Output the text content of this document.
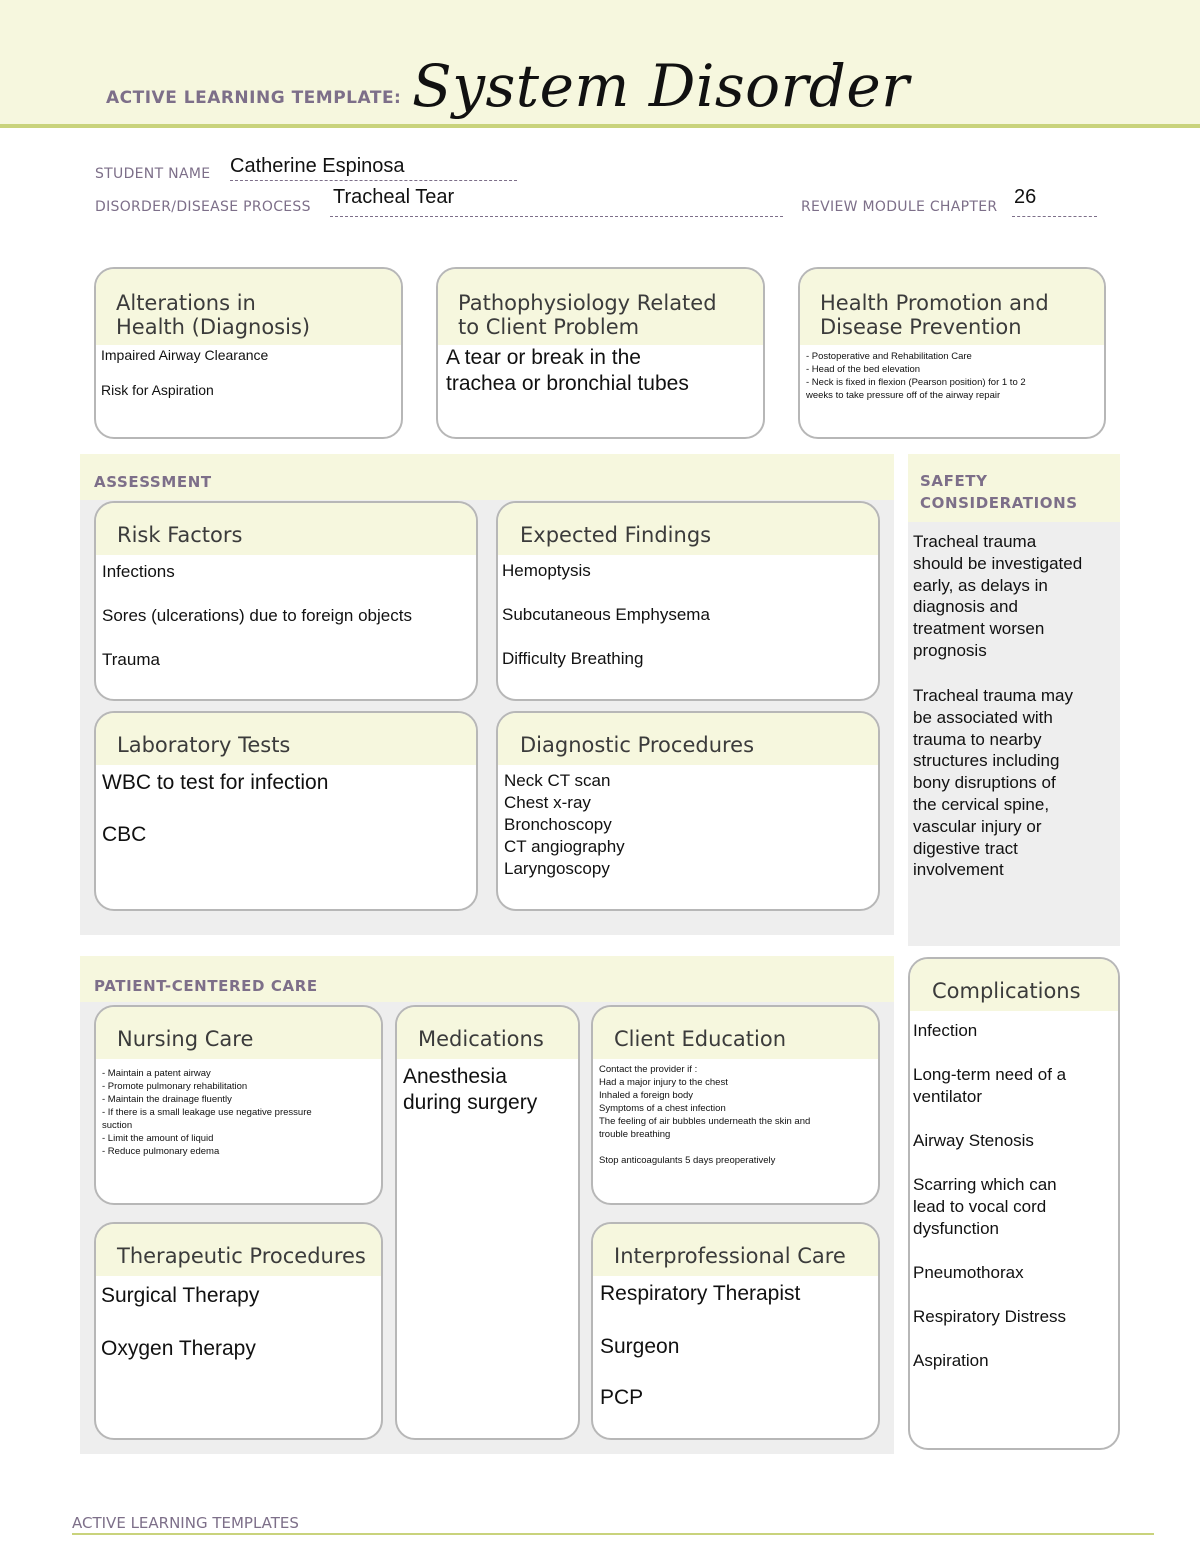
ACTIVE LEARNING TEMPLATE: System Disorder
STUDENT NAME Catherine Espinosa
DISORDER/DISEASE PROCESS Tracheal Tear	REVIEW MODULE CHAPTER 26
Alterations in
Health (Diagnosis)
Impaired Airway Clearance
Risk for Aspiration
Pathophysiology Related
to Client Problem
A tear or break in the
trachea or bronchial tubes
Health Promotion and
Disease Prevention
- Postoperative and Rehabilitation Care
- Head of the bed elevation
- Neck is fixed in flexion (Pearson position) for 1 to 2
weeks to take pressure off of the airway repair
ASSESSMENT
Risk Factors
Infections
Sores (ulcerations) due to foreign objects
Trauma
Expected Findings
Hemoptysis
Subcutaneous Emphysema
Difficulty Breathing
Laboratory Tests
WBC to test for infection
CBC
Diagnostic Procedures
Neck CT scan
Chest x-ray
Bronchoscopy
CT angiography
Laryngoscopy
SAFETY
CONSIDERATIONS
Tracheal trauma
should be investigated
early, as delays in
diagnosis and
treatment worsen
prognosis
Tracheal trauma may
be associated with
trauma to nearby
structures including
bony disruptions of
the cervical spine,
vascular injury or
digestive tract
involvement
PATIENT-CENTERED CARE
Nursing Care
- Maintain a patent airway
- Promote pulmonary rehabilitation
- Maintain the drainage fluently
- If there is a small leakage use negative pressure
suction
- Limit the amount of liquid
- Reduce pulmonary edema
Medications
Anesthesia
during surgery
Client Education
Contact the provider if :
Had a major injury to the chest
Inhaled a foreign body
Symptoms of a chest infection
The feeling of air bubbles underneath the skin and
trouble breathing
Stop anticoagulants 5 days preoperatively
Therapeutic Procedures
Surgical Therapy
Oxygen Therapy
Interprofessional Care
Respiratory Therapist
Surgeon
PCP
Complications
Infection
Long-term need of a
ventilator
Airway Stenosis
Scarring which can
lead to vocal cord
dysfunction
Pneumothorax
Respiratory Distress
Aspiration
ACTIVE LEARNING TEMPLATES
